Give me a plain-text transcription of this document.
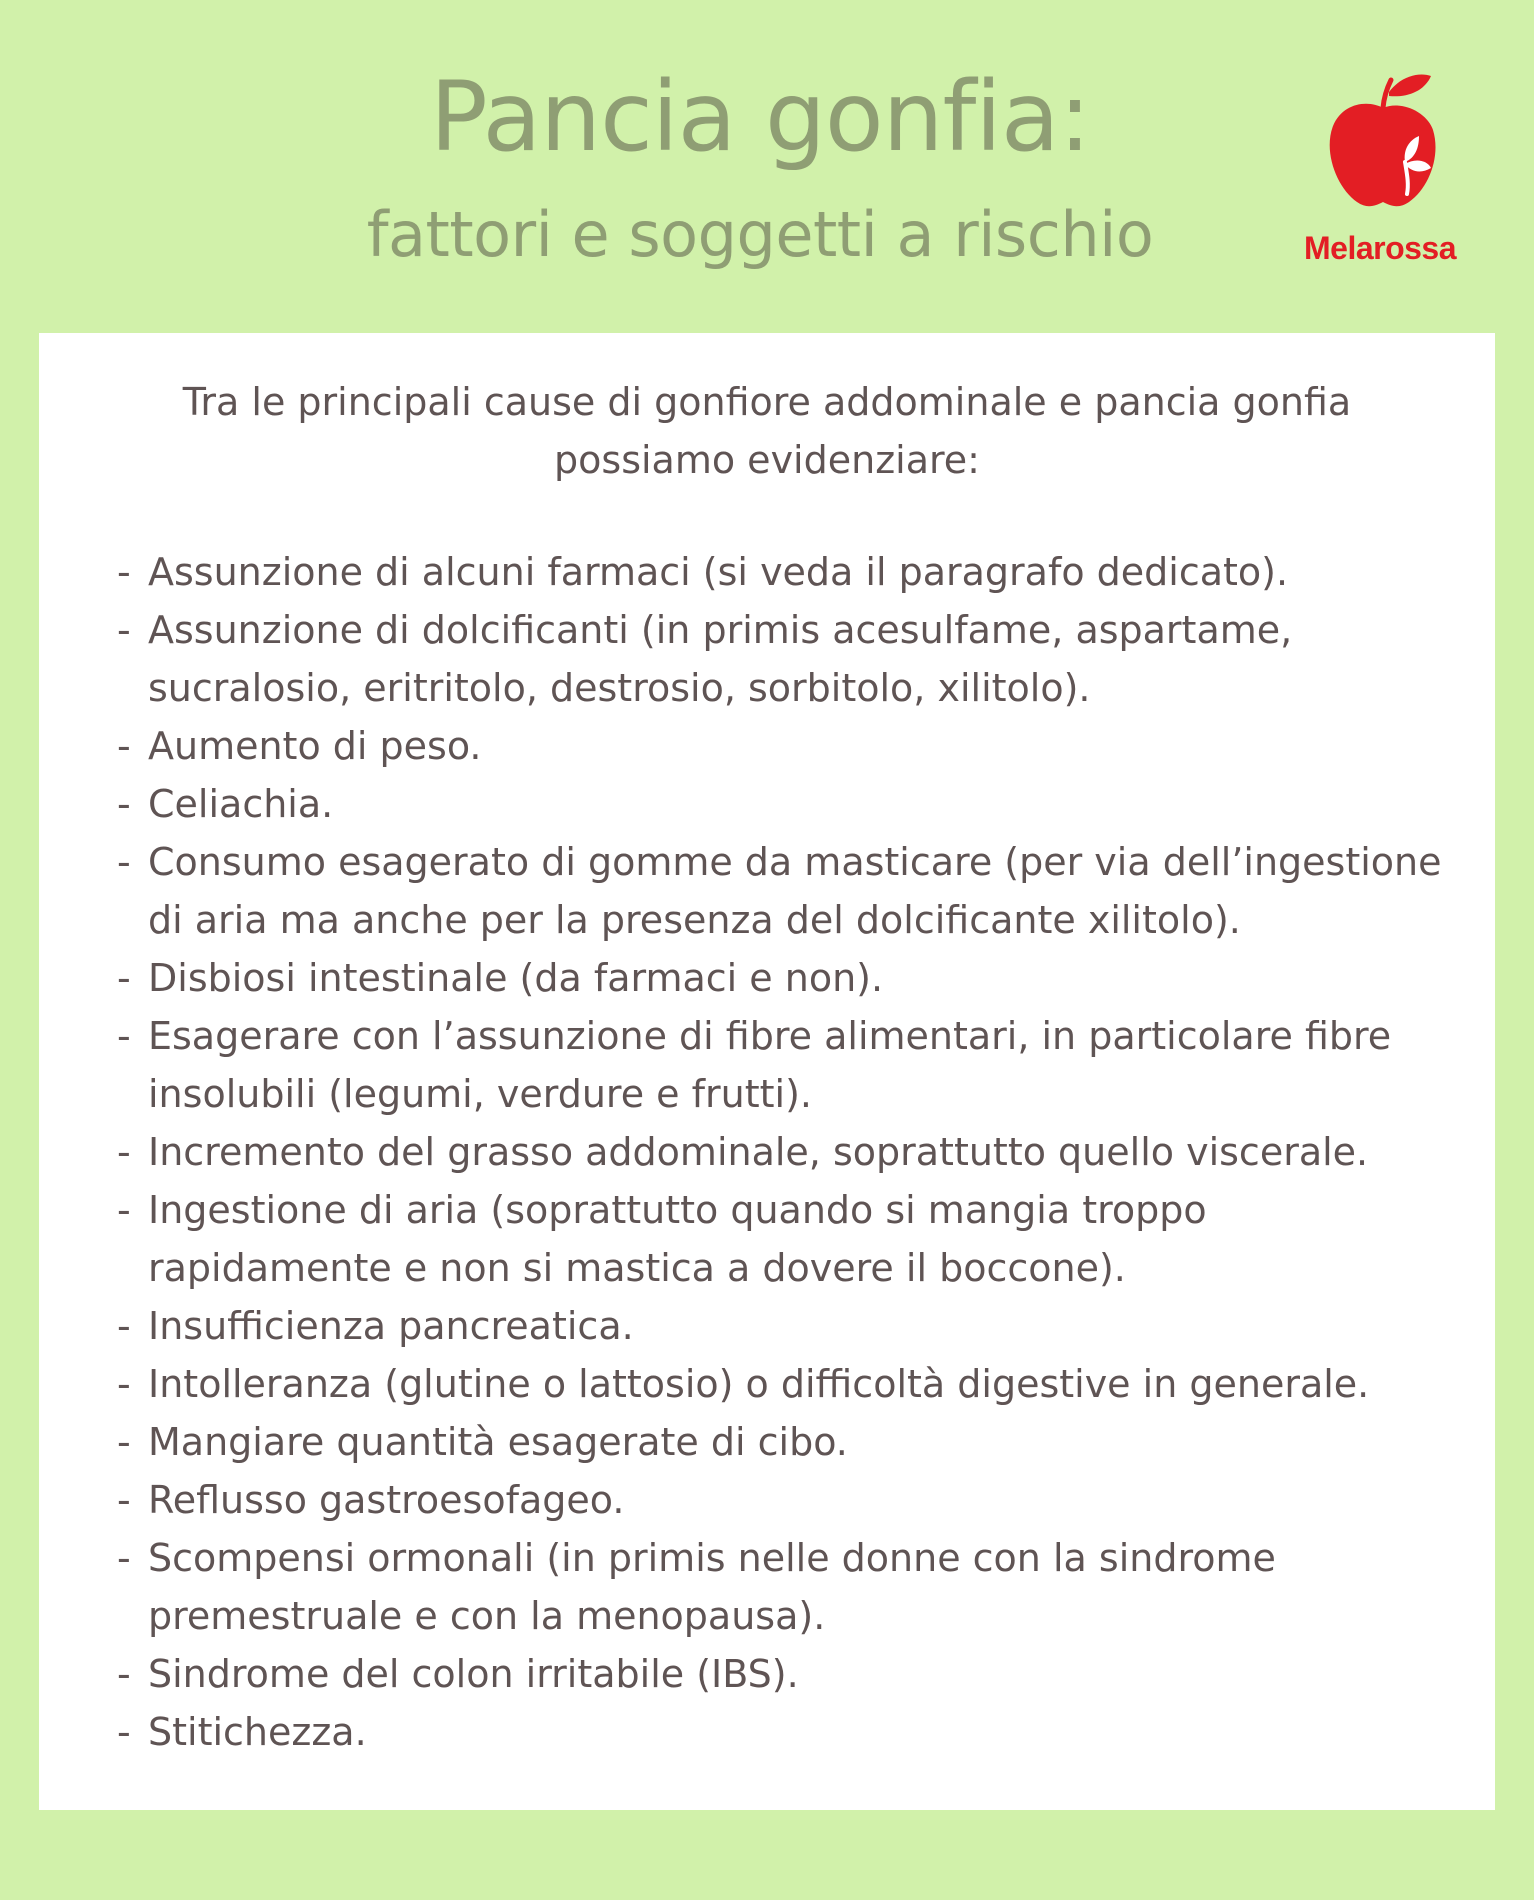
Pancia gonfia:
fattori e soggetti a rischio	Melarossa

Tra le principali cause di gonfiore addominale e pancia gonfia possiamo evidenziare:

- Assunzione di alcuni farmaci (si veda il paragrafo dedicato).
- Assunzione di dolcificanti (in primis acesulfame, aspartame, sucralosio, eritritolo, destrosio, sorbitolo, xilitolo).
- Aumento di peso.
- Celiachia.
- Consumo esagerato di gomme da masticare (per via dell’ingestione di aria ma anche per la presenza del dolcificante xilitolo).
- Disbiosi intestinale (da farmaci e non).
- Esagerare con l’assunzione di fibre alimentari, in particolare fibre insolubili (legumi, verdure e frutti).
- Incremento del grasso addominale, soprattutto quello viscerale.
- Ingestione di aria (soprattutto quando si mangia troppo rapidamente e non si mastica a dovere il boccone).
- Insufficienza pancreatica.
- Intolleranza (glutine o lattosio) o difficoltà digestive in generale.
- Mangiare quantità esagerate di cibo.
- Reflusso gastroesofageo.
- Scompensi ormonali (in primis nelle donne con la sindrome premestruale e con la menopausa).
- Sindrome del colon irritabile (IBS).
- Stitichezza.
